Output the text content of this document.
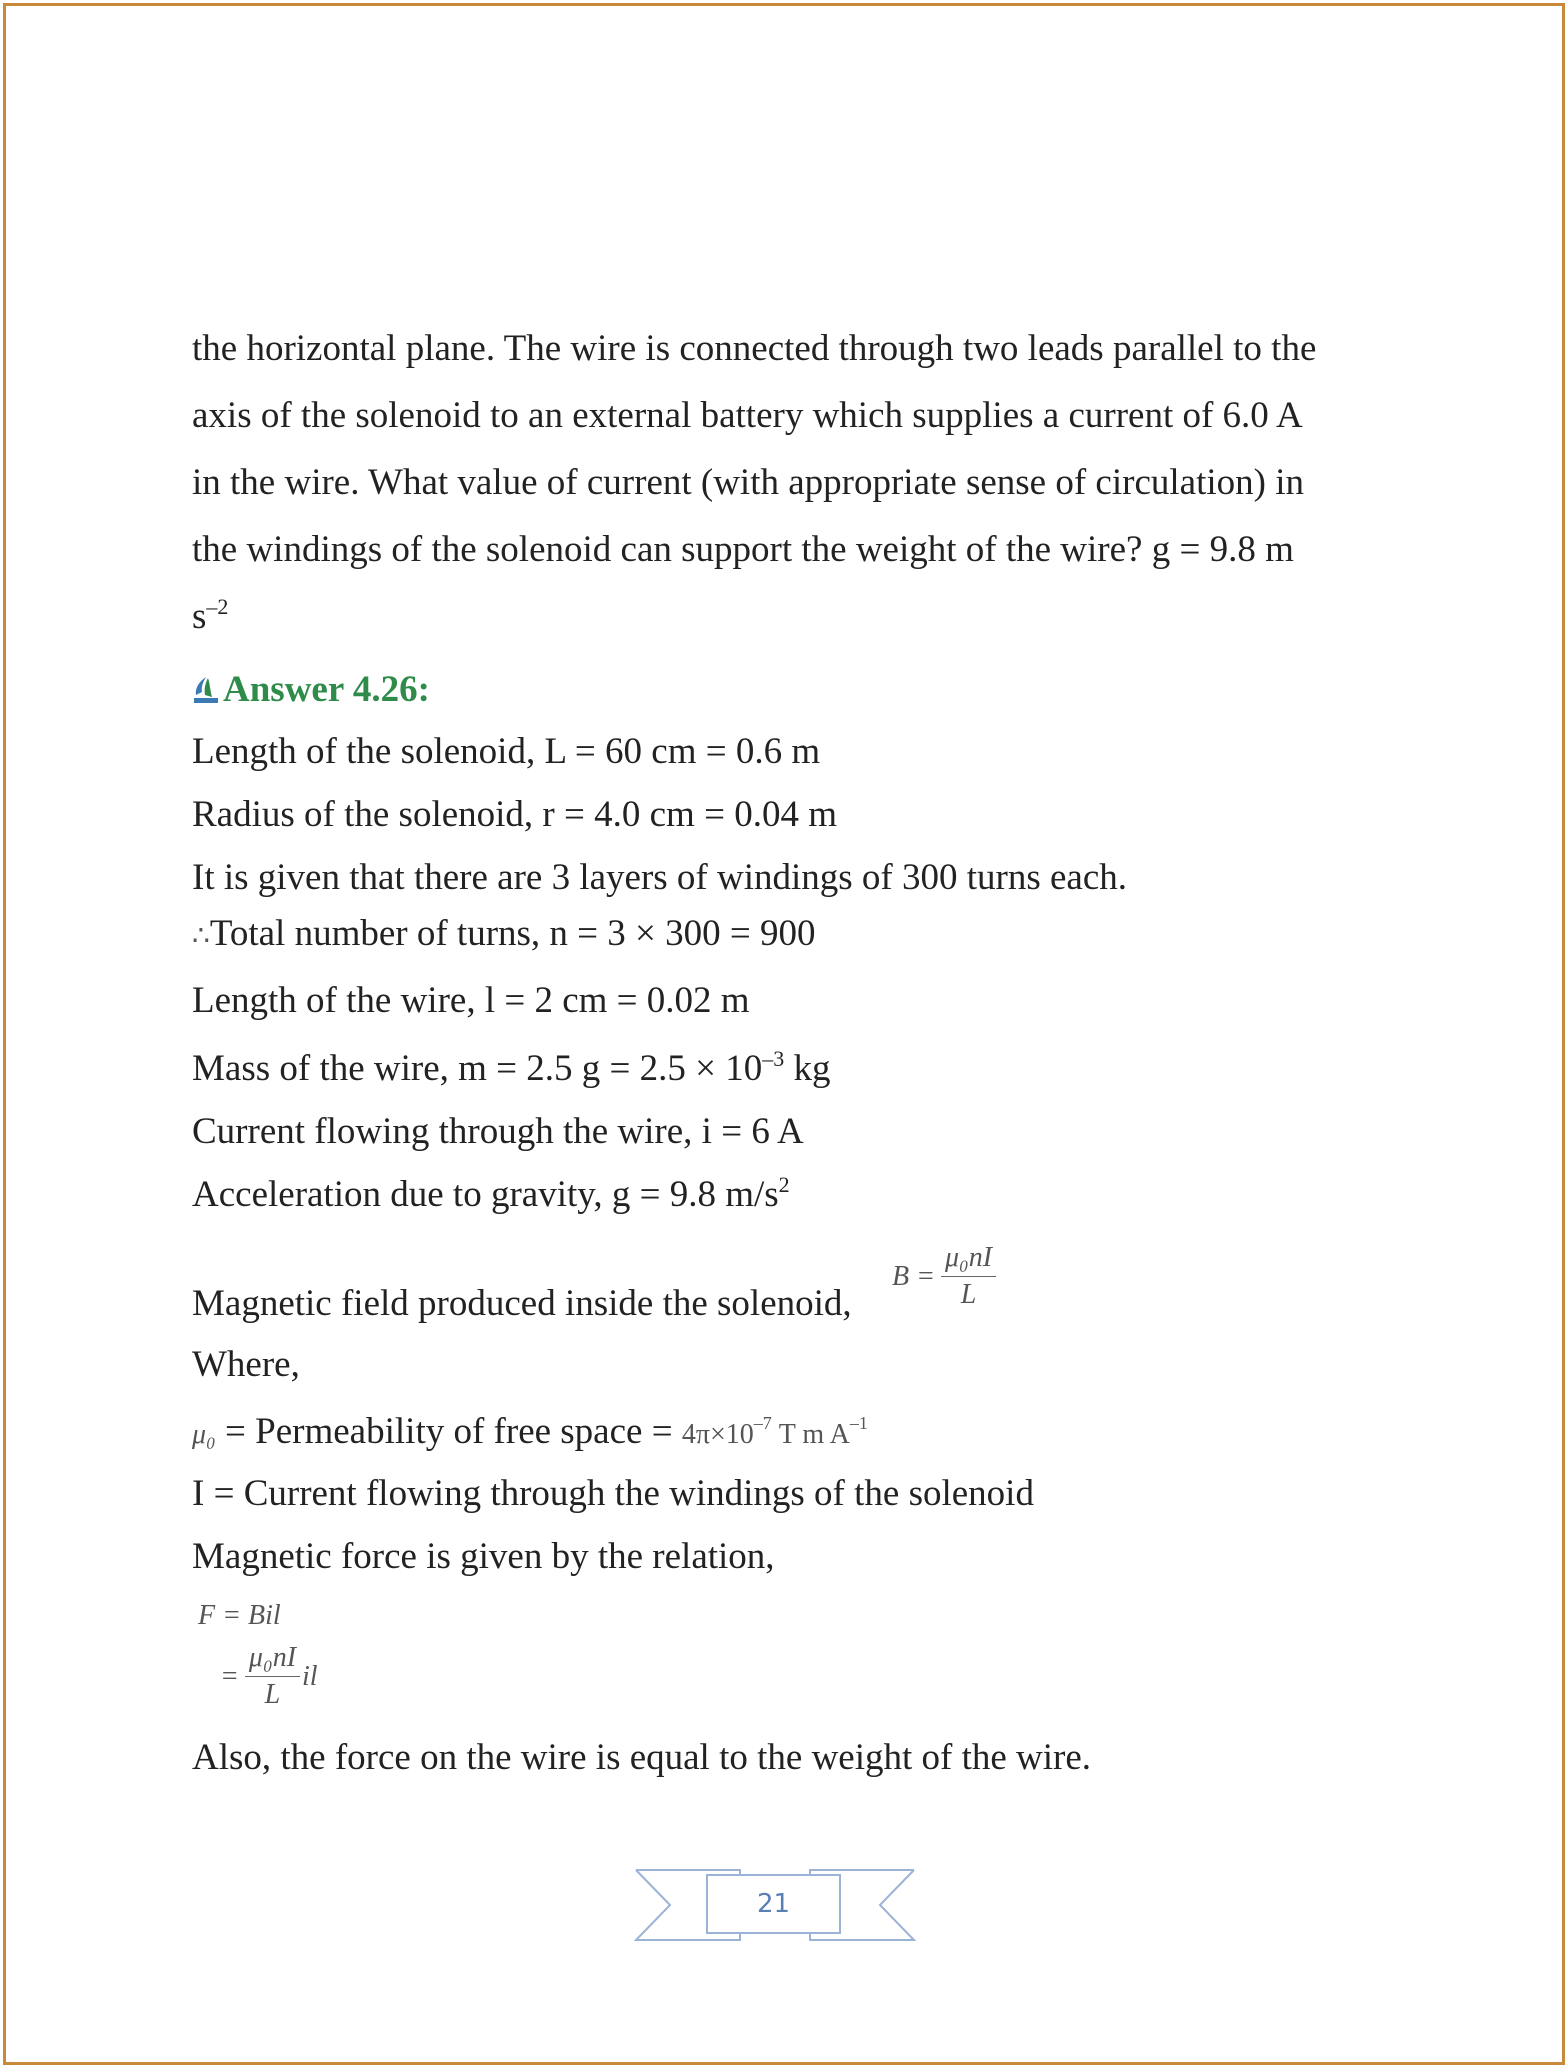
the horizontal plane. The wire is connected through two leads parallel to the
axis of the solenoid to an external battery which supplies a current of 6.0 A
in the wire. What value of current (with appropriate sense of circulation) in
the windings of the solenoid can support the weight of the wire? g = 9.8 m
$s^{-2}$
Answer 4.26:
Length of the solenoid, L = 60 cm = 0.6 m
Radius of the solenoid, r = 4.0 cm = 0.04 m
It is given that there are 3 layers of windings of 300 turns each.
∴Total number of turns, n = 3 × 300 = 900
Length of the wire, l = 2 cm = 0.02 m
Mass of the wire, m = 2.5 $g = 2.5 \times 10^{-3}$ kg
Current flowing through the wire, i = 6 A
Acceleration due to gravity, g = 9.8 $m/s^2$
Magnetic field produced inside the solenoid,
$B = \frac{\text{μ₀nI}}{L}$
Where,
μ₀ = Permeability of free space = $4\pi\times 10^{-7}$ T m $A^{-1}$
I = Current flowing through the windings of the solenoid
Magnetic force is given by the relation,
F = Bil
= $\frac{\text{μ₀nI}}{L}$ il
Also, the force on the wire is equal to the weight of the wire.
21
